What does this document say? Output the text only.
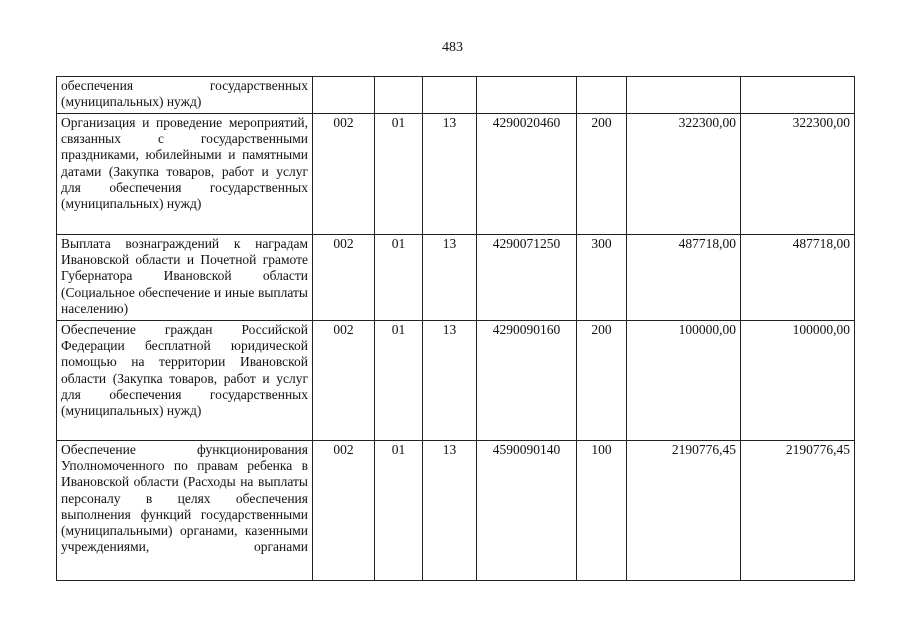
483
обеспечения государственных (муниципальных) нужд)							
Организация и проведение мероприятий, связанных с государственными праздниками, юбилейными и памятными датами (Закупка товаров, работ и услуг для обеспечения государственных (муниципальных) нужд)	002	01	13	4290020460	200	322300,00	322300,00
Выплата вознаграждений к наградам Ивановской области и Почетной грамоте Губернатора Ивановской области (Социальное обеспечение и иные выплаты населению)	002	01	13	4290071250	300	487718,00	487718,00
Обеспечение граждан Российской Федерации бесплатной юридической помощью на территории Ивановской области (Закупка товаров, работ и услуг для обеспечения государственных (муниципальных) нужд)	002	01	13	4290090160	200	100000,00	100000,00
Обеспечение функционирования Уполномоченного по правам ребенка в Ивановской области (Расходы на выплаты персоналу в целях обеспечения выполнения функций государственными (муниципальными) органами, казенными учреждениями, органами	002	01	13	4590090140	100	2190776,45	2190776,45
